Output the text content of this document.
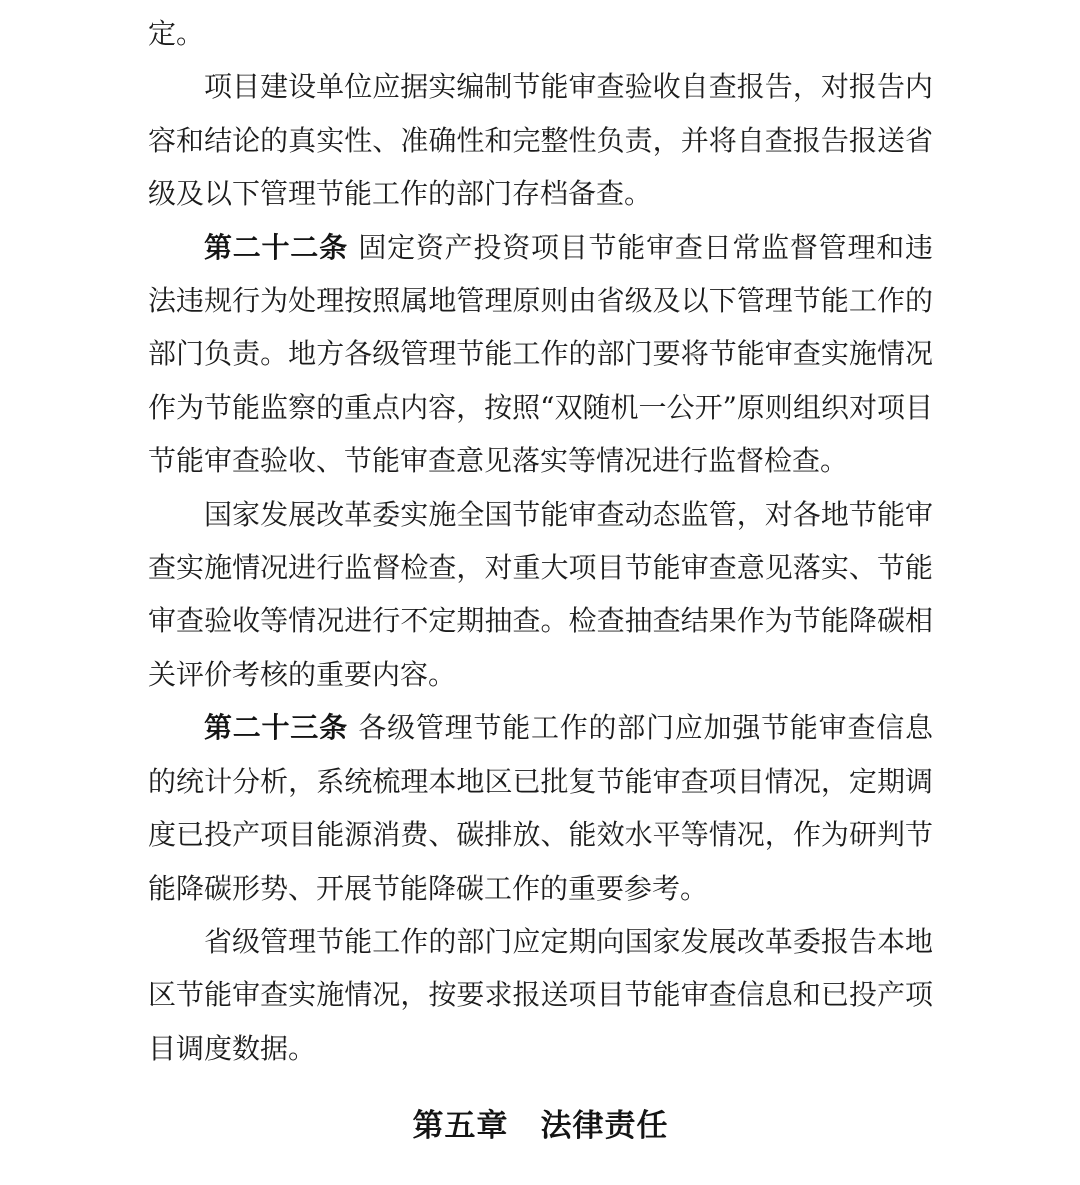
定。

项目建设单位应据实编制节能审查验收自查报告，对报告内容和结论的真实性、准确性和完整性负责，并将自查报告报送省级及以下管理节能工作的部门存档备查。

第二十二条 固定资产投资项目节能审查日常监督管理和违法违规行为处理按照属地管理原则由省级及以下管理节能工作的部门负责。地方各级管理节能工作的部门要将节能审查实施情况作为节能监察的重点内容，按照“双随机一公开”原则组织对项目节能审查验收、节能审查意见落实等情况进行监督检查。

国家发展改革委实施全国节能审查动态监管，对各地节能审查实施情况进行监督检查，对重大项目节能审查意见落实、节能审查验收等情况进行不定期抽查。检查抽查结果作为节能降碳相关评价考核的重要内容。

第二十三条 各级管理节能工作的部门应加强节能审查信息的统计分析，系统梳理本地区已批复节能审查项目情况，定期调度已投产项目能源消费、碳排放、能效水平等情况，作为研判节能降碳形势、开展节能降碳工作的重要参考。

省级管理节能工作的部门应定期向国家发展改革委报告本地区节能审查实施情况，按要求报送项目节能审查信息和已投产项目调度数据。

第五章 法律责任
